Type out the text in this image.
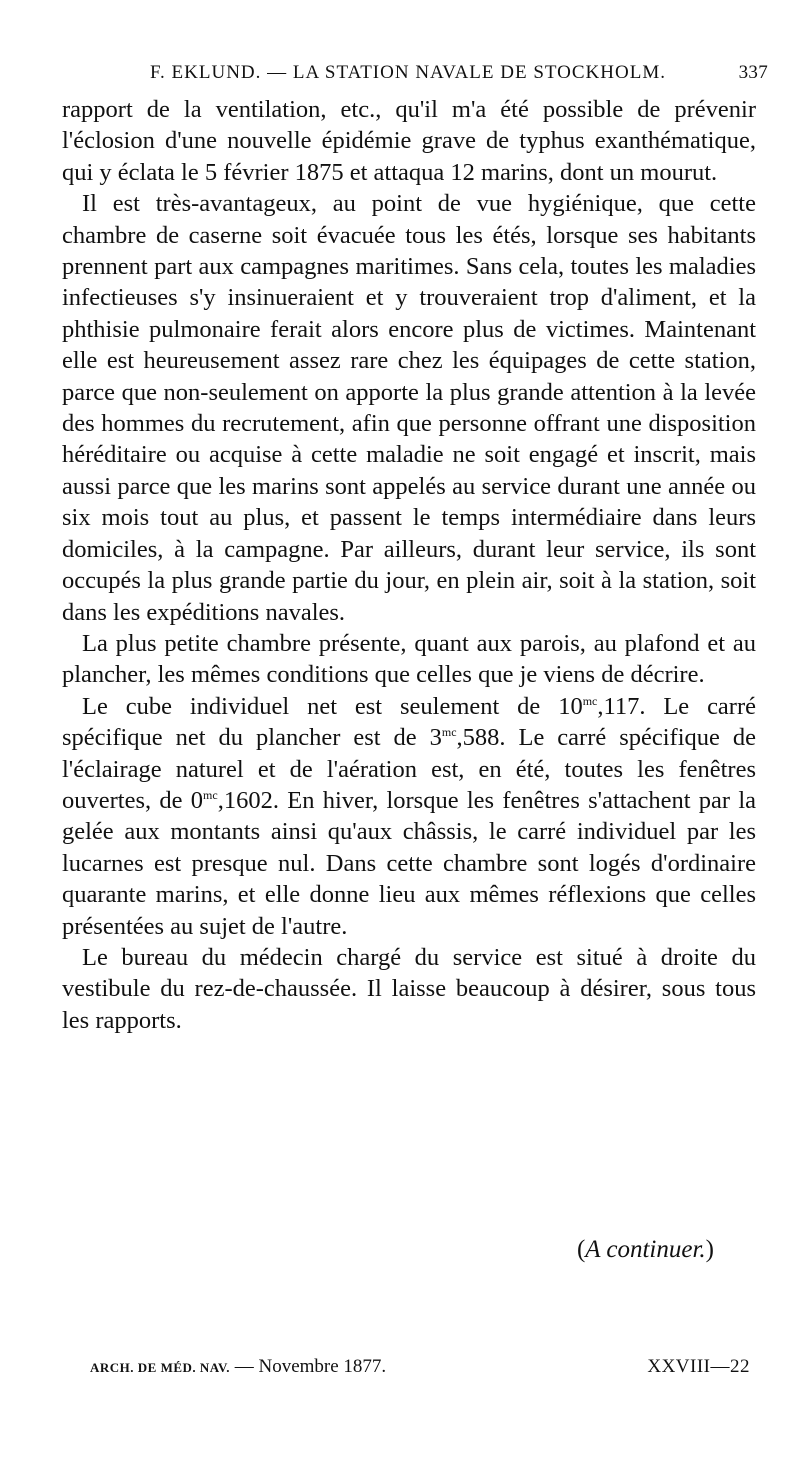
F. EKLUND. — LA STATION NAVALE DE STOCKHOLM.	337

rapport de la ventilation, etc., qu'il m'a été possible de prévenir l'éclosion d'une nouvelle épidémie grave de typhus exanthématique, qui y éclata le 5 février 1875 et attaqua 12 marins, dont un mourut.

Il est très-avantageux, au point de vue hygiénique, que cette chambre de caserne soit évacuée tous les étés, lorsque ses habitants prennent part aux campagnes maritimes. Sans cela, toutes les maladies infectieuses s'y insinueraient et y trouveraient trop d'aliment, et la phthisie pulmonaire ferait alors encore plus de victimes. Maintenant elle est heureusement assez rare chez les équipages de cette station, parce que non-seulement on apporte la plus grande attention à la levée des hommes du recrutement, afin que personne offrant une disposition héréditaire ou acquise à cette maladie ne soit engagé et inscrit, mais aussi parce que les marins sont appelés au service durant une année ou six mois tout au plus, et passent le temps intermédiaire dans leurs domiciles, à la campagne. Par ailleurs, durant leur service, ils sont occupés la plus grande partie du jour, en plein air, soit à la station, soit dans les expéditions navales.

La plus petite chambre présente, quant aux parois, au plafond et au plancher, les mêmes conditions que celles que je viens de décrire.

Le cube individuel net est seulement de $10^{mc},117$. Le carré spécifique net du plancher est de $3^{mc},588$. Le carré spécifique de l'éclairage naturel et de l'aération est, en été, toutes les fenêtres ouvertes, de $0^{mc},1602$. En hiver, lorsque les fenêtres s'attachent par la gelée aux montants ainsi qu'aux châssis, le carré individuel par les lucarnes est presque nul. Dans cette chambre sont logés d'ordinaire quarante marins, et elle donne lieu aux mêmes réflexions que celles présentées au sujet de l'autre.

Le bureau du médecin chargé du service est situé à droite du vestibule du rez-de-chaussée. Il laisse beaucoup à désirer, sous tous les rapports.

(A continuer.)
ARCH. DE MÉD. NAV. — Novembre 1877.	XXVIII—22
